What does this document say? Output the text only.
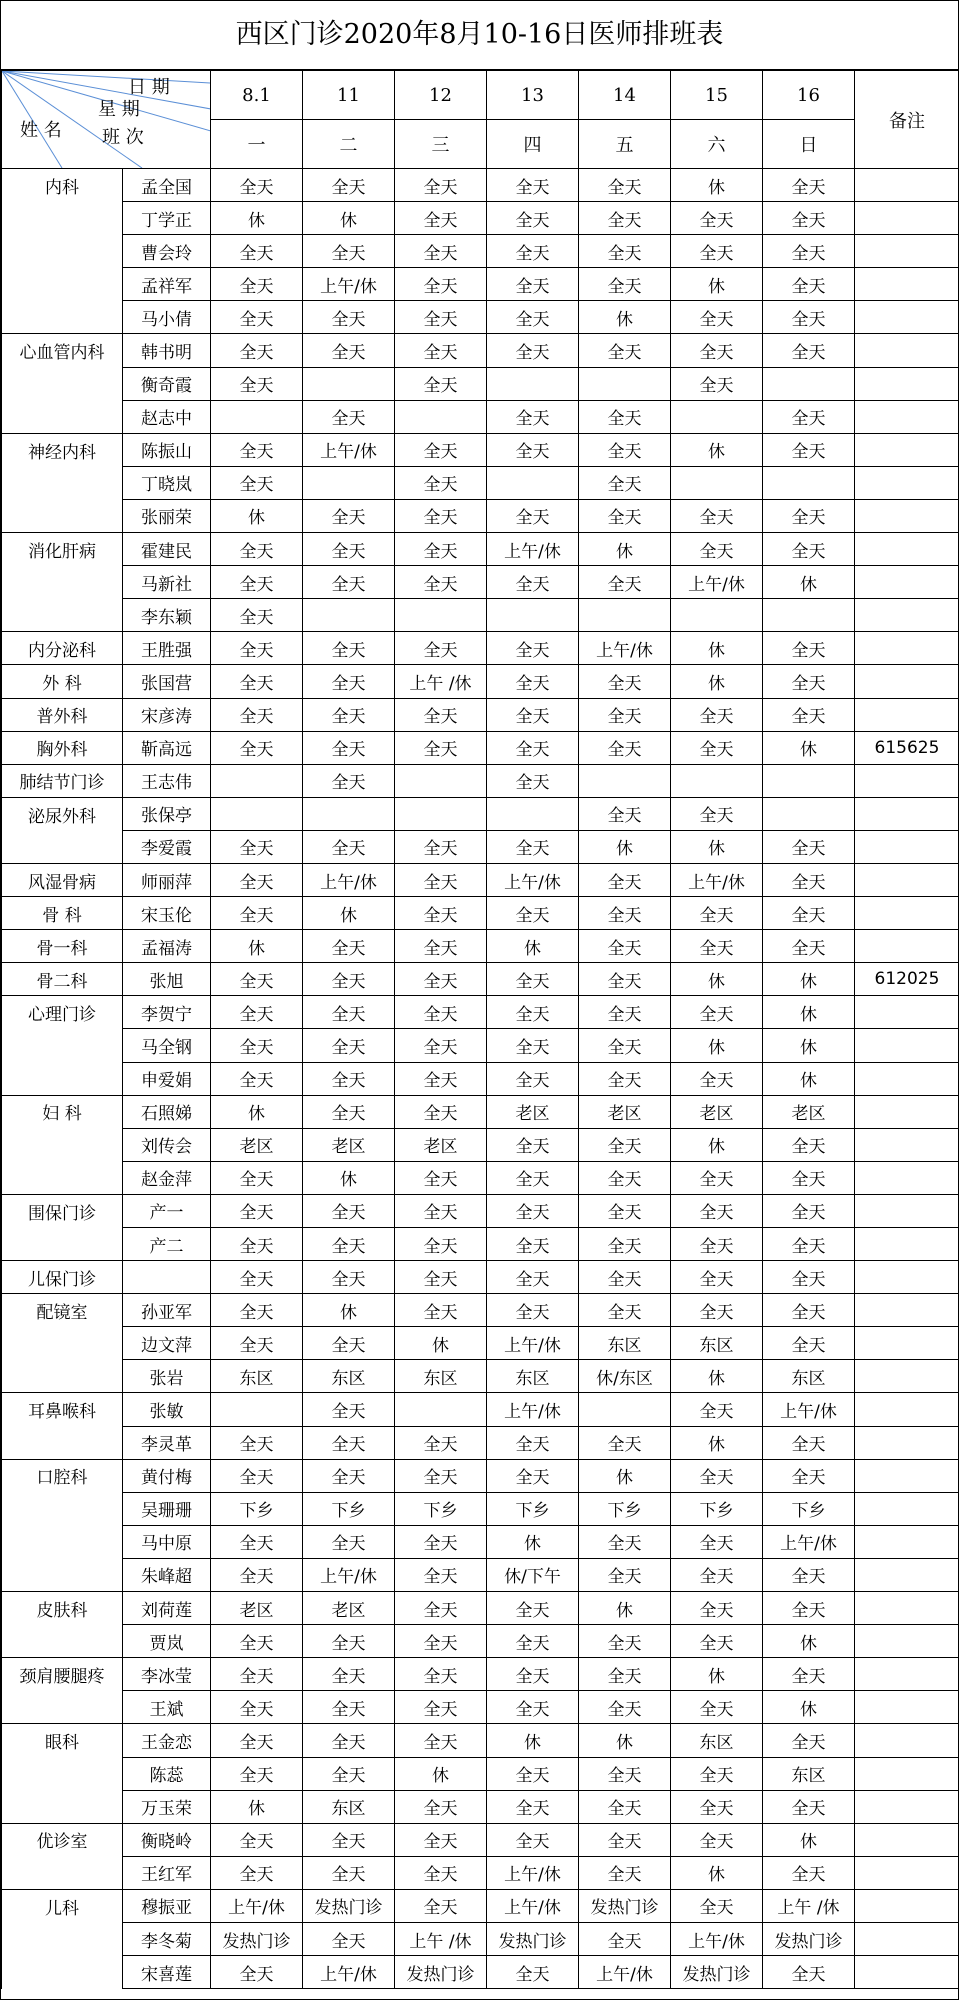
西区门诊2020年8月10-16日医师排班表
日 期
星 期
姓 名 班 次		8.1	11	12	13	14	15	16	备注
		一	二	三	四	五	六	日	
内科	孟全国	全天	全天	全天	全天	全天	休	全天	
	丁学正	休	休	全天	全天	全天	全天	全天	
	曹会玲	全天	全天	全天	全天	全天	全天	全天	
	孟祥军	全天	上午/休	全天	全天	全天	休	全天	
	马小倩	全天	全天	全天	全天	休	全天	全天	
心血管内科	韩书明	全天	全天	全天	全天	全天	全天	全天	
	衡奇霞	全天		全天			全天		
	赵志中		全天		全天	全天		全天	
神经内科	陈振山	全天	上午/休	全天	全天	全天	休	全天	
	丁晓岚	全天		全天		全天			
	张丽荣	休	全天	全天	全天	全天	全天	全天	
消化肝病	霍建民	全天	全天	全天	上午/休	休	全天	全天	
	马新社	全天	全天	全天	全天	全天	上午/休	休	
	李东颖	全天							
内分泌科	王胜强	全天	全天	全天	全天	上午/休	休	全天	
外 科	张国营	全天	全天	上午 /休	全天	全天	休	全天	
普外科	宋彦涛	全天	全天	全天	全天	全天	全天	全天	
胸外科	靳高远	全天	全天	全天	全天	全天	全天	休	615625
肺结节门诊	王志伟		全天		全天				
泌尿外科	张保亭					全天	全天		
	李爱霞	全天	全天	全天	全天	休	休	全天	
风湿骨病	师丽萍	全天	上午/休	全天	上午/休	全天	上午/休	全天	
骨 科	宋玉伦	全天	休	全天	全天	全天	全天	全天	
骨一科	孟福涛	休	全天	全天	休	全天	全天	全天	
骨二科	张旭	全天	全天	全天	全天	全天	休	休	612025
心理门诊	李贺宁	全天	全天	全天	全天	全天	全天	休	
	马全钢	全天	全天	全天	全天	全天	休	休	
	申爱娟	全天	全天	全天	全天	全天	全天	休	
妇 科	石照娣	休	全天	全天	老区	老区	老区	老区	
	刘传会	老区	老区	老区	全天	全天	休	全天	
	赵金萍	全天	休	全天	全天	全天	全天	全天	
围保门诊	产一	全天	全天	全天	全天	全天	全天	全天	
	产二	全天	全天	全天	全天	全天	全天	全天	
儿保门诊		全天	全天	全天	全天	全天	全天	全天	
配镜室	孙亚军	全天	休	全天	全天	全天	全天	全天	
	边文萍	全天	全天	休	上午/休	东区	东区	全天	
	张岩	东区	东区	东区	东区	休/东区	休	东区	
耳鼻喉科	张敏		全天		上午/休		全天	上午/休	
	李灵革	全天	全天	全天	全天	全天	休	全天	
口腔科	黄付梅	全天	全天	全天	全天	休	全天	全天	
	吴珊珊	下乡	下乡	下乡	下乡	下乡	下乡	下乡	
	马中原	全天	全天	全天	休	全天	全天	上午/休	
	朱峰超	全天	上午/休	全天	休/下午	全天	全天	全天	
皮肤科	刘荷莲	老区	老区	全天	全天	休	全天	全天	
	贾岚	全天	全天	全天	全天	全天	全天	休	
颈肩腰腿疼	李冰莹	全天	全天	全天	全天	全天	休	全天	
	王斌	全天	全天	全天	全天	全天	全天	休	
眼科	王金恋	全天	全天	全天	休	休	东区	全天	
	陈蕊	全天	全天	休	全天	全天	全天	东区	
	万玉荣	休	东区	全天	全天	全天	全天	全天	
优诊室	衡晓岭	全天	全天	全天	全天	全天	全天	休	
	王红军	全天	全天	全天	上午/休	全天	休	全天	
儿科	穆振亚	上午/休	发热门诊	全天	上午/休	发热门诊	全天	上午 /休	
	李冬菊	发热门诊	全天	上午 /休	发热门诊	全天	上午/休	发热门诊	
	宋喜莲	全天	上午/休	发热门诊	全天	上午/休	发热门诊	全天	
